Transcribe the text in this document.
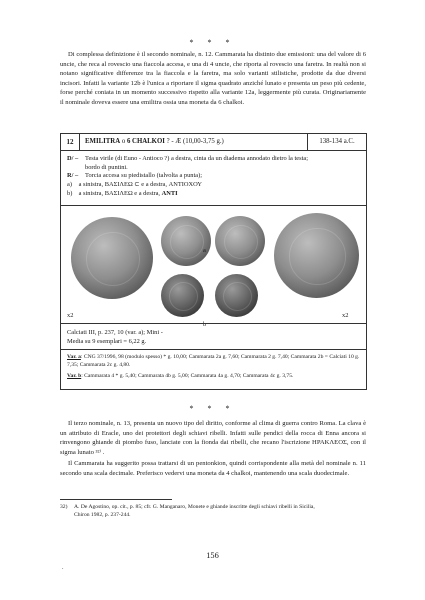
* * *

Di complessa definizione è il secondo nominale, n. 12. Cammarata ha distinto due emissioni: una del valore di 6 uncie, che reca al rovescio una fiaccola accesa, e una di 4 uncie, che riporta al rovescio una faretra. In realtà non si notano significative differenze tra la fiaccola e la faretra, ma solo varianti stilistiche, prodotte da due diversi incisori. Infatti la variante 12b è l'unica a riportare il sigma quadrato anziché lunato e presenta un peso più cedente, forse perché coniata in un momento successivo rispetto alla variante 12a, leggermente più curata. Originariamente il nominale doveva essere una emilitra ossia una moneta da 6 chalkoi.

12	EMILITRA o 6 CHALKOI ? - Æ (10,00-3,75 g.)	138-134 a.C.
D/ – Testa virile (di Euno - Antioco ?) a destra, cinta da un diadema annodato dietro la testa;
bordo di puntini.
R/ – Torcia accesa su piedistallo (talvolta a punta);
a) a sinistra, ΒΑΣΙΛΕΩ ⊂ e a destra, ΑΝΤΙΟΧΟΥ
b) a sinistra, ΒΑΣΙΛΕΩ e a destra, ΑΝΤΙ
a
b
x2	x2
Calciati III, p. 237, 10 (var. a); Mini -
Media su 9 esemplari = 6,22 g.
Var. a: CNG 37/1996, 98 (modulo spesso) * g. 10,00; Cammarata 2a g. 7,60; Cammarata 2 g. 7,40; Cammarata 2b = Calciati 10 g. 7,35; Cammarata 2c g. 4,80.
Var. b: Cammarata 4 * g. 5,40; Cammarata 4b g. 5,00; Cammarata 4a g. 4,70; Cammarata 4c g. 3,75.
* * *

Il terzo nominale, n. 13, presenta un nuovo tipo del diritto, conforme al clima di guerra contro Roma. La clava è un attributo di Eracle, uno dei protettori degli schiavi ribelli. Infatti sulle pendici della rocca di Enna ancora si rinvengono ghiande di piombo fuso, lanciate con la fionda dai ribelli, che recano l'iscrizione ΗΡΑΚΛΕΟΣ, con il sigma lunato ³²⁾ .

Il Cammarata ha suggerito possa trattarsi di un pentonkion, quindi corrispondente alla metà del nominale n. 11 secondo una scala decimale. Preferisco vedervi una moneta da 4 chalkoi, mantenendo una scala duodecimale.

32) A. De Agostino, op. cit., p. 85; cfr. G. Manganaro, Monete e ghiande inscritte degli schiavi ribelli in Sicilia,
Chiron 1982, p. 237-244.
156
.
